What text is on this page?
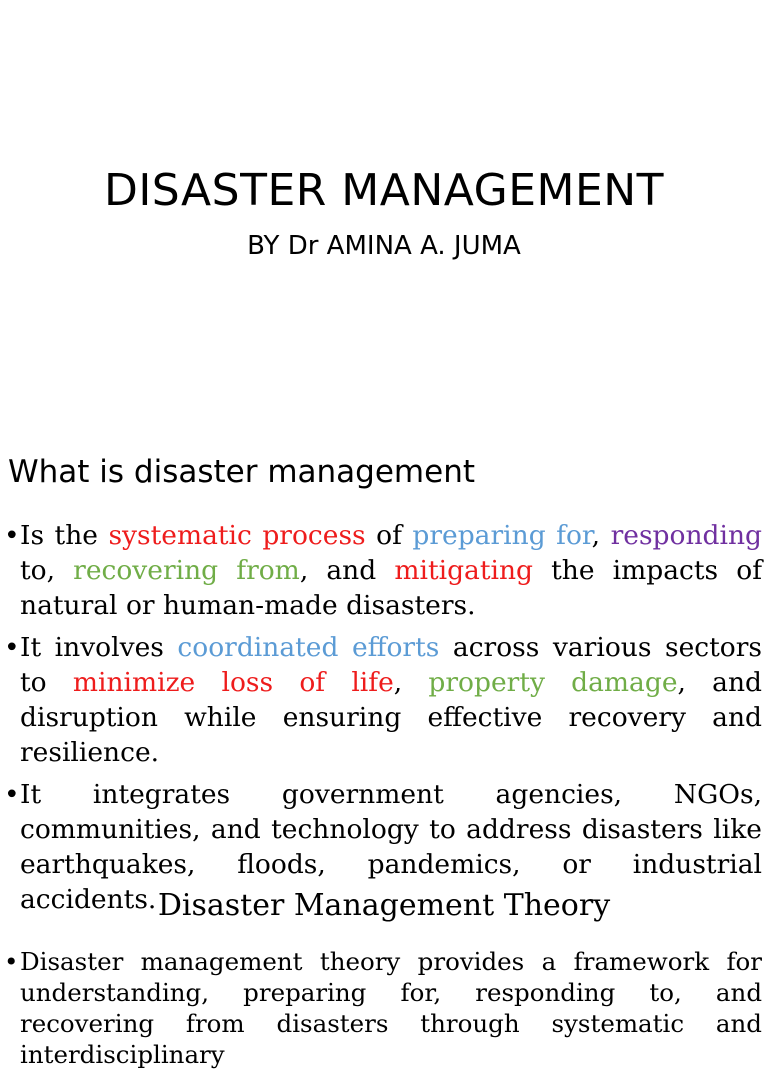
DISASTER MANAGEMENT

BY Dr AMINA A. JUMA

What is disaster management
• Is the systematic process of preparing for, responding to, recovering from, and mitigating the impacts of natural or human-made disasters.
• It involves coordinated efforts across various sectors to minimize loss of life, property damage, and disruption while ensuring effective recovery and resilience.
• It integrates government agencies, NGOs, communities, and technology to address disasters like earthquakes, floods, pandemics, or industrial accidents. Disaster Management Theory
• Disaster management theory provides a framework for understanding, preparing for, responding to, and recovering from disasters through systematic and interdisciplinary
